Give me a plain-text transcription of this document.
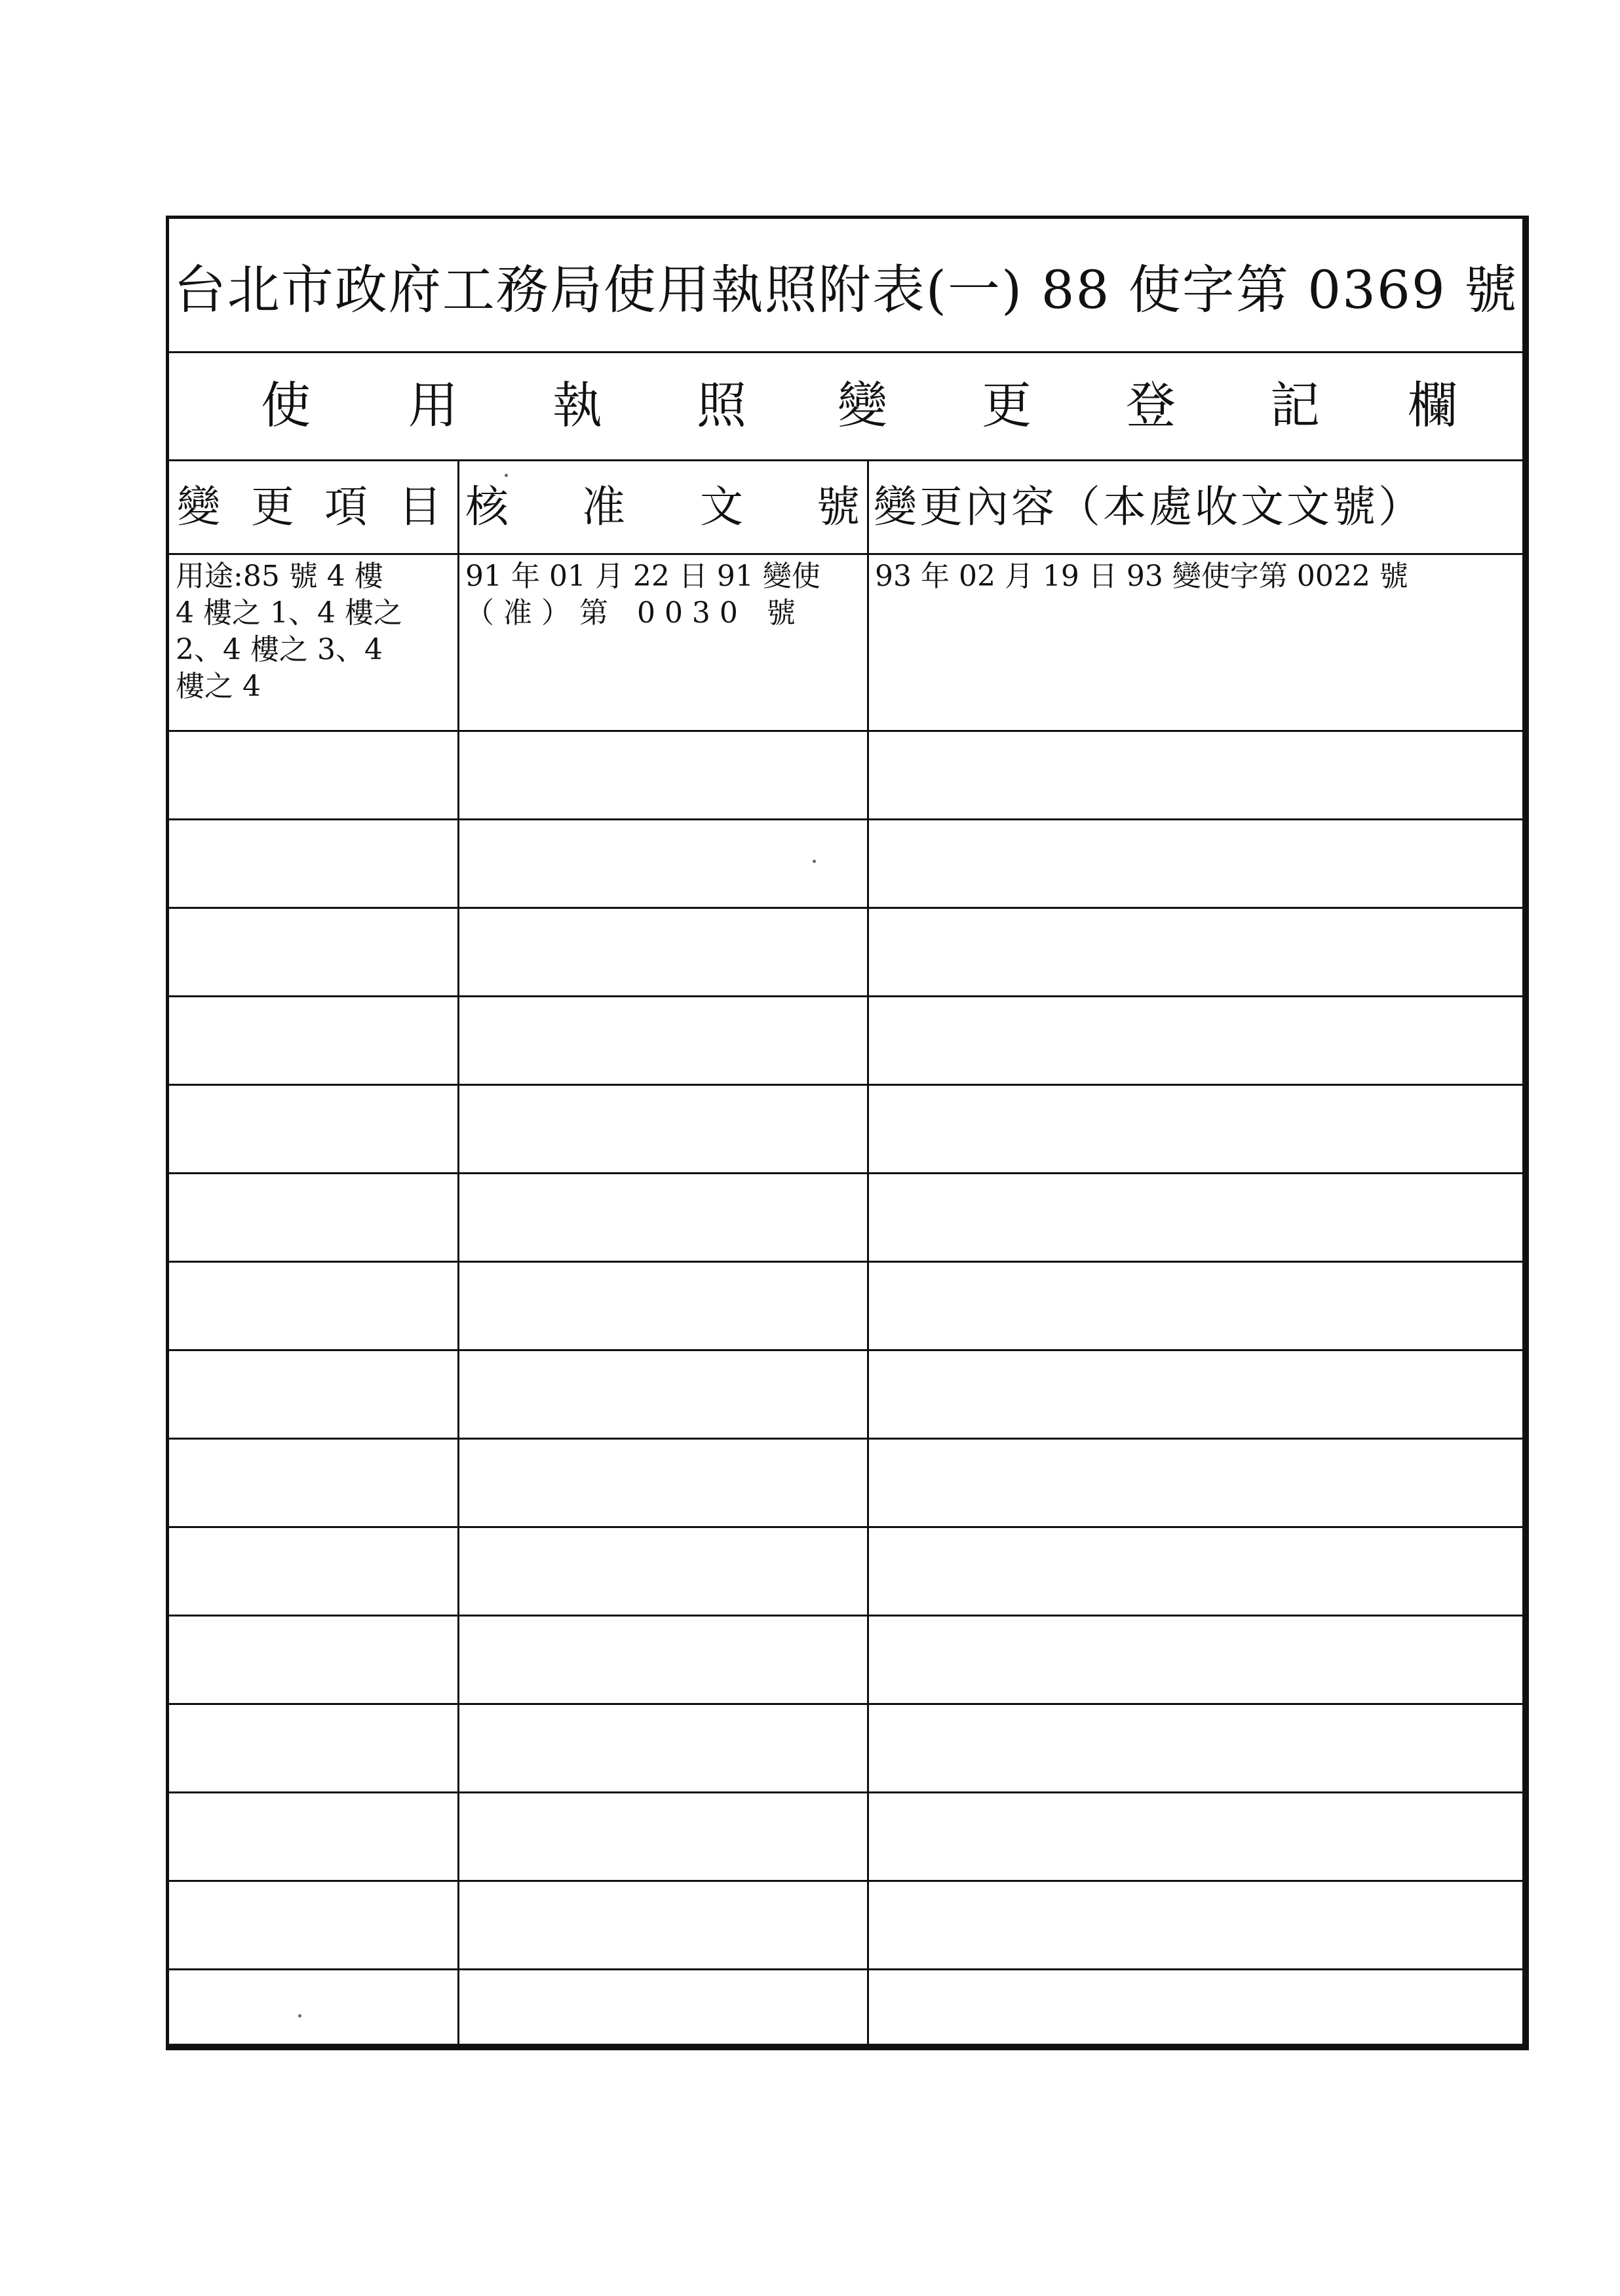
台北市政府工務局使用執照附表(一) 88 使字第 0369 號
使 用 執 照 變 更 登 記 欄
變 更 項 目 核 准 文 號 變更內容（本處收文文號）
用途:85 號 4 樓
4 樓之 1、4 樓之
2、4 樓之 3、4
樓之 4
91 年 01 月 22 日 91 變使
（ 准 ） 第　0 0 3 0　號
93 年 02 月 19 日 93 變使字第 0022 號
